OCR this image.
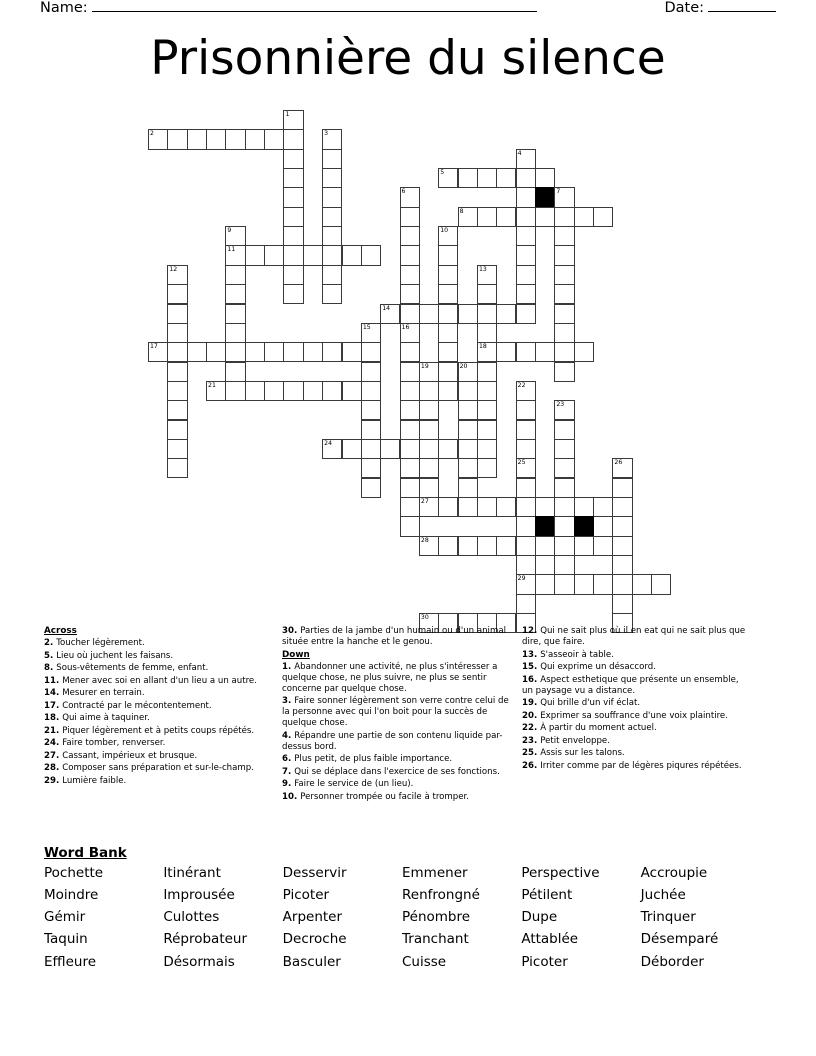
Name:	Date:
Prisonnière du silence
1
2	3
4
5
6	7
8
9	10
11
12	13
14
15	16
17	18
19	20
21	22
23
24
25	26
27
28
29
30
Across
2. Toucher légèrement.
5. Lieu où juchent les faisans.
8. Sous-vêtements de femme, enfant.
11. Mener avec soi en allant d'un lieu a un autre.
14. Mesurer en terrain.
17. Contracté par le mécontentement.
18. Qui aime à taquiner.
21. Piquer légèrement et à petits coups répétés.
24. Faire tomber, renverser.
27. Cassant, impérieux et brusque.
28. Composer sans préparation et sur-le-champ.
29. Lumière faible.
30. Parties de la jambe d'un humain ou d'un animal située entre la hanche et le genou.
Down
1. Abandonner une activité, ne plus s'intéresser a quelque chose, ne plus suivre, ne plus se sentir concerne par quelque chose.
3. Faire sonner légèrement son verre contre celui de la personne avec qui l'on boit pour la succès de quelque chose.
4. Répandre une partie de son contenu liquide par-dessus bord.
6. Plus petit, de plus faible importance.
7. Qui se déplace dans l'exercice de ses fonctions.
9. Faire le service de (un lieu).
10. Personner trompée ou facile à tromper.
12. Qui ne sait plus où il en eat qui ne sait plus que dire, que faire.
13. S'asseoir à table.
15. Qui exprime un désaccord.
16. Aspect esthetique que présente un ensemble, un paysage vu a distance.
19. Qui brille d'un vif éclat.
20. Exprimer sa souffrance d'une voix plaintire.
22. À partir du moment actuel.
23. Petit enveloppe.
25. Assis sur les talons.
26. Irriter comme par de légères piqures répétées.
Word Bank
Pochette	Itinérant	Desservir	Emmener	Perspective	Accroupie
Moindre	Improusée	Picoter	Renfrongné	Pétilent	Juchée
Gémir	Culottes	Arpenter	Pénombre	Dupe	Trinquer
Taquin	Réprobateur	Decroche	Tranchant	Attablée	Désemparé
Effleure	Désormais	Basculer	Cuisse	Picoter	Déborder
